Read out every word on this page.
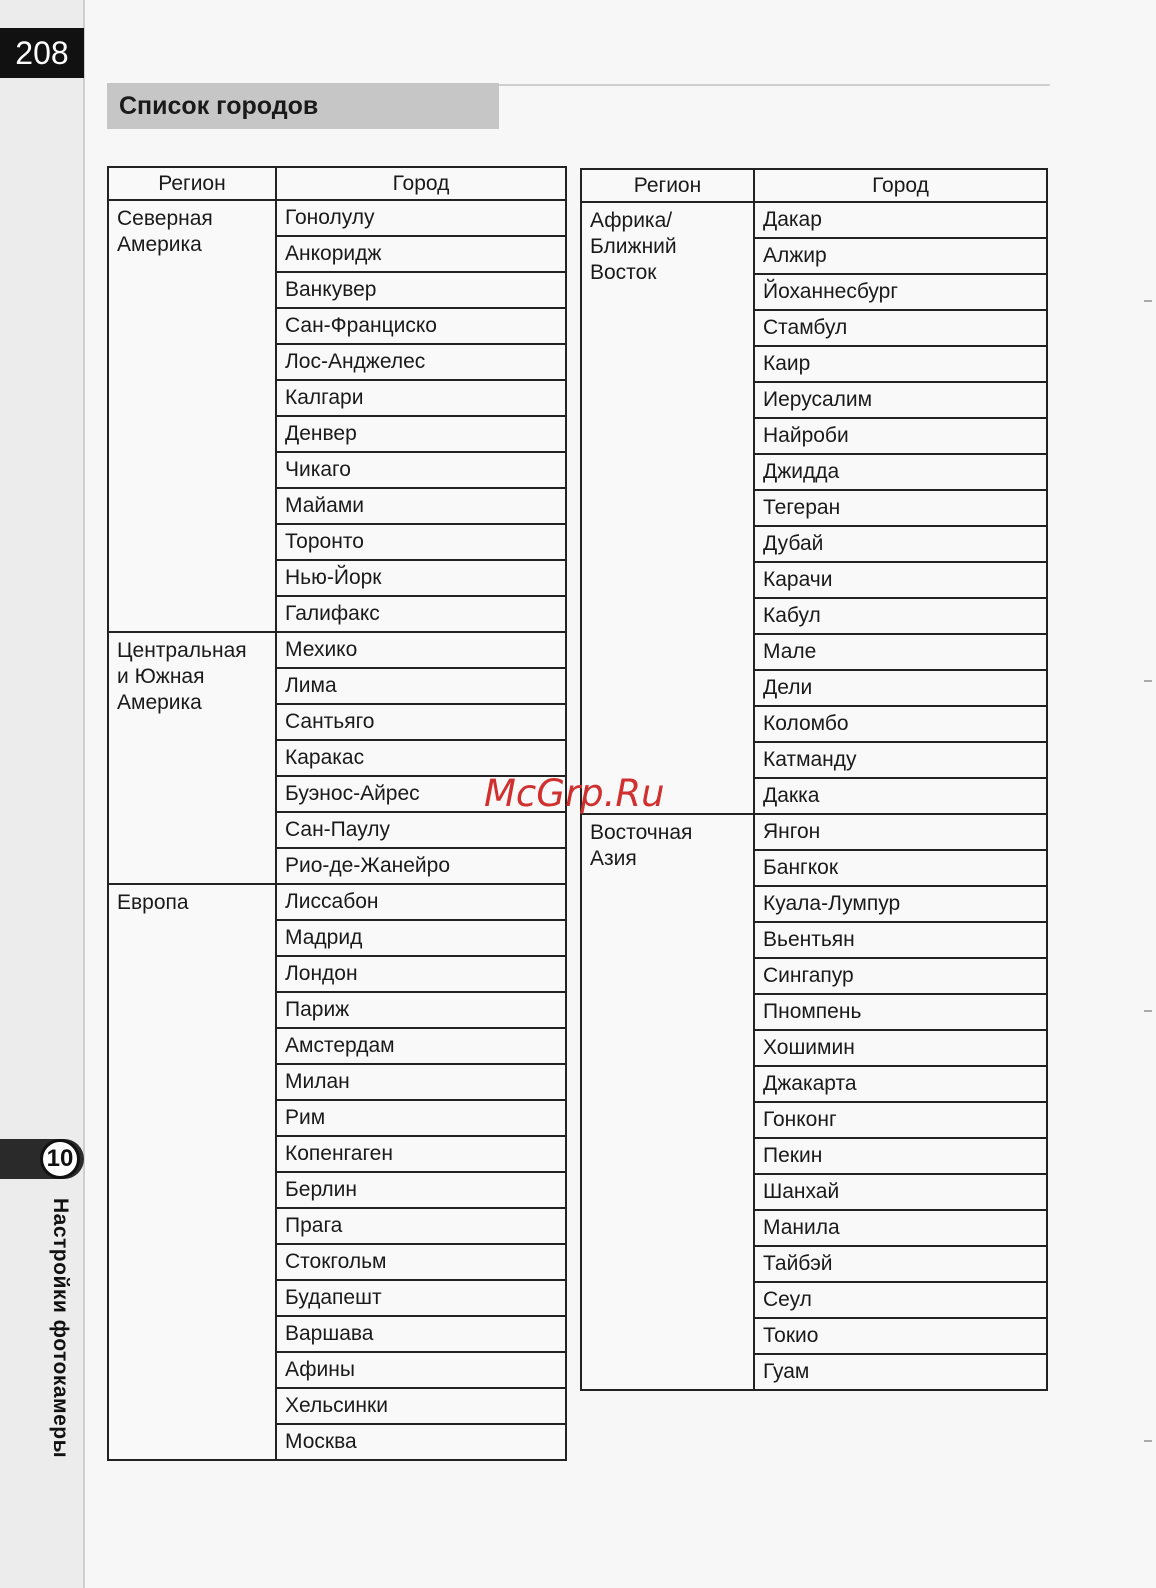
208
Список городов
10
Настройки фотокамеры
Регион	Город
Северная
Америка	Гонолулу
	Анкоридж
	Ванкувер
	Сан-Франциско
	Лос-Анджелес
	Калгари
	Денвер
	Чикаго
	Майами
	Торонто
	Нью-Йорк
	Галифакс
Центральная
и Южная
Америка	Мехико
	Лима
	Сантьяго
	Каракас
	Буэнос-Айрес
	Сан-Паулу
	Рио-де-Жанейро
Европа	Лиссабон
	Мадрид
	Лондон
	Париж
	Амстердам
	Милан
	Рим
	Копенгаген
	Берлин
	Прага
	Стокгольм
	Будапешт
	Варшава
	Афины
	Хельсинки
	Москва
Регион	Город
Африка/
Ближний
Восток	Дакар
	Алжир
	Йоханнесбург
	Стамбул
	Каир
	Иерусалим
	Найроби
	Джидда
	Тегеран
	Дубай
	Карачи
	Кабул
	Мале
	Дели
	Коломбо
	Катманду
	Дакка
Восточная
Азия	Янгон
	Бангкок
	Куала-Лумпур
	Вьентьян
	Сингапур
	Пномпень
	Хошимин
	Джакарта
	Гонконг
	Пекин
	Шанхай
	Манила
	Тайбэй
	Сеул
	Токио
	Гуам
McGrp.Ru
